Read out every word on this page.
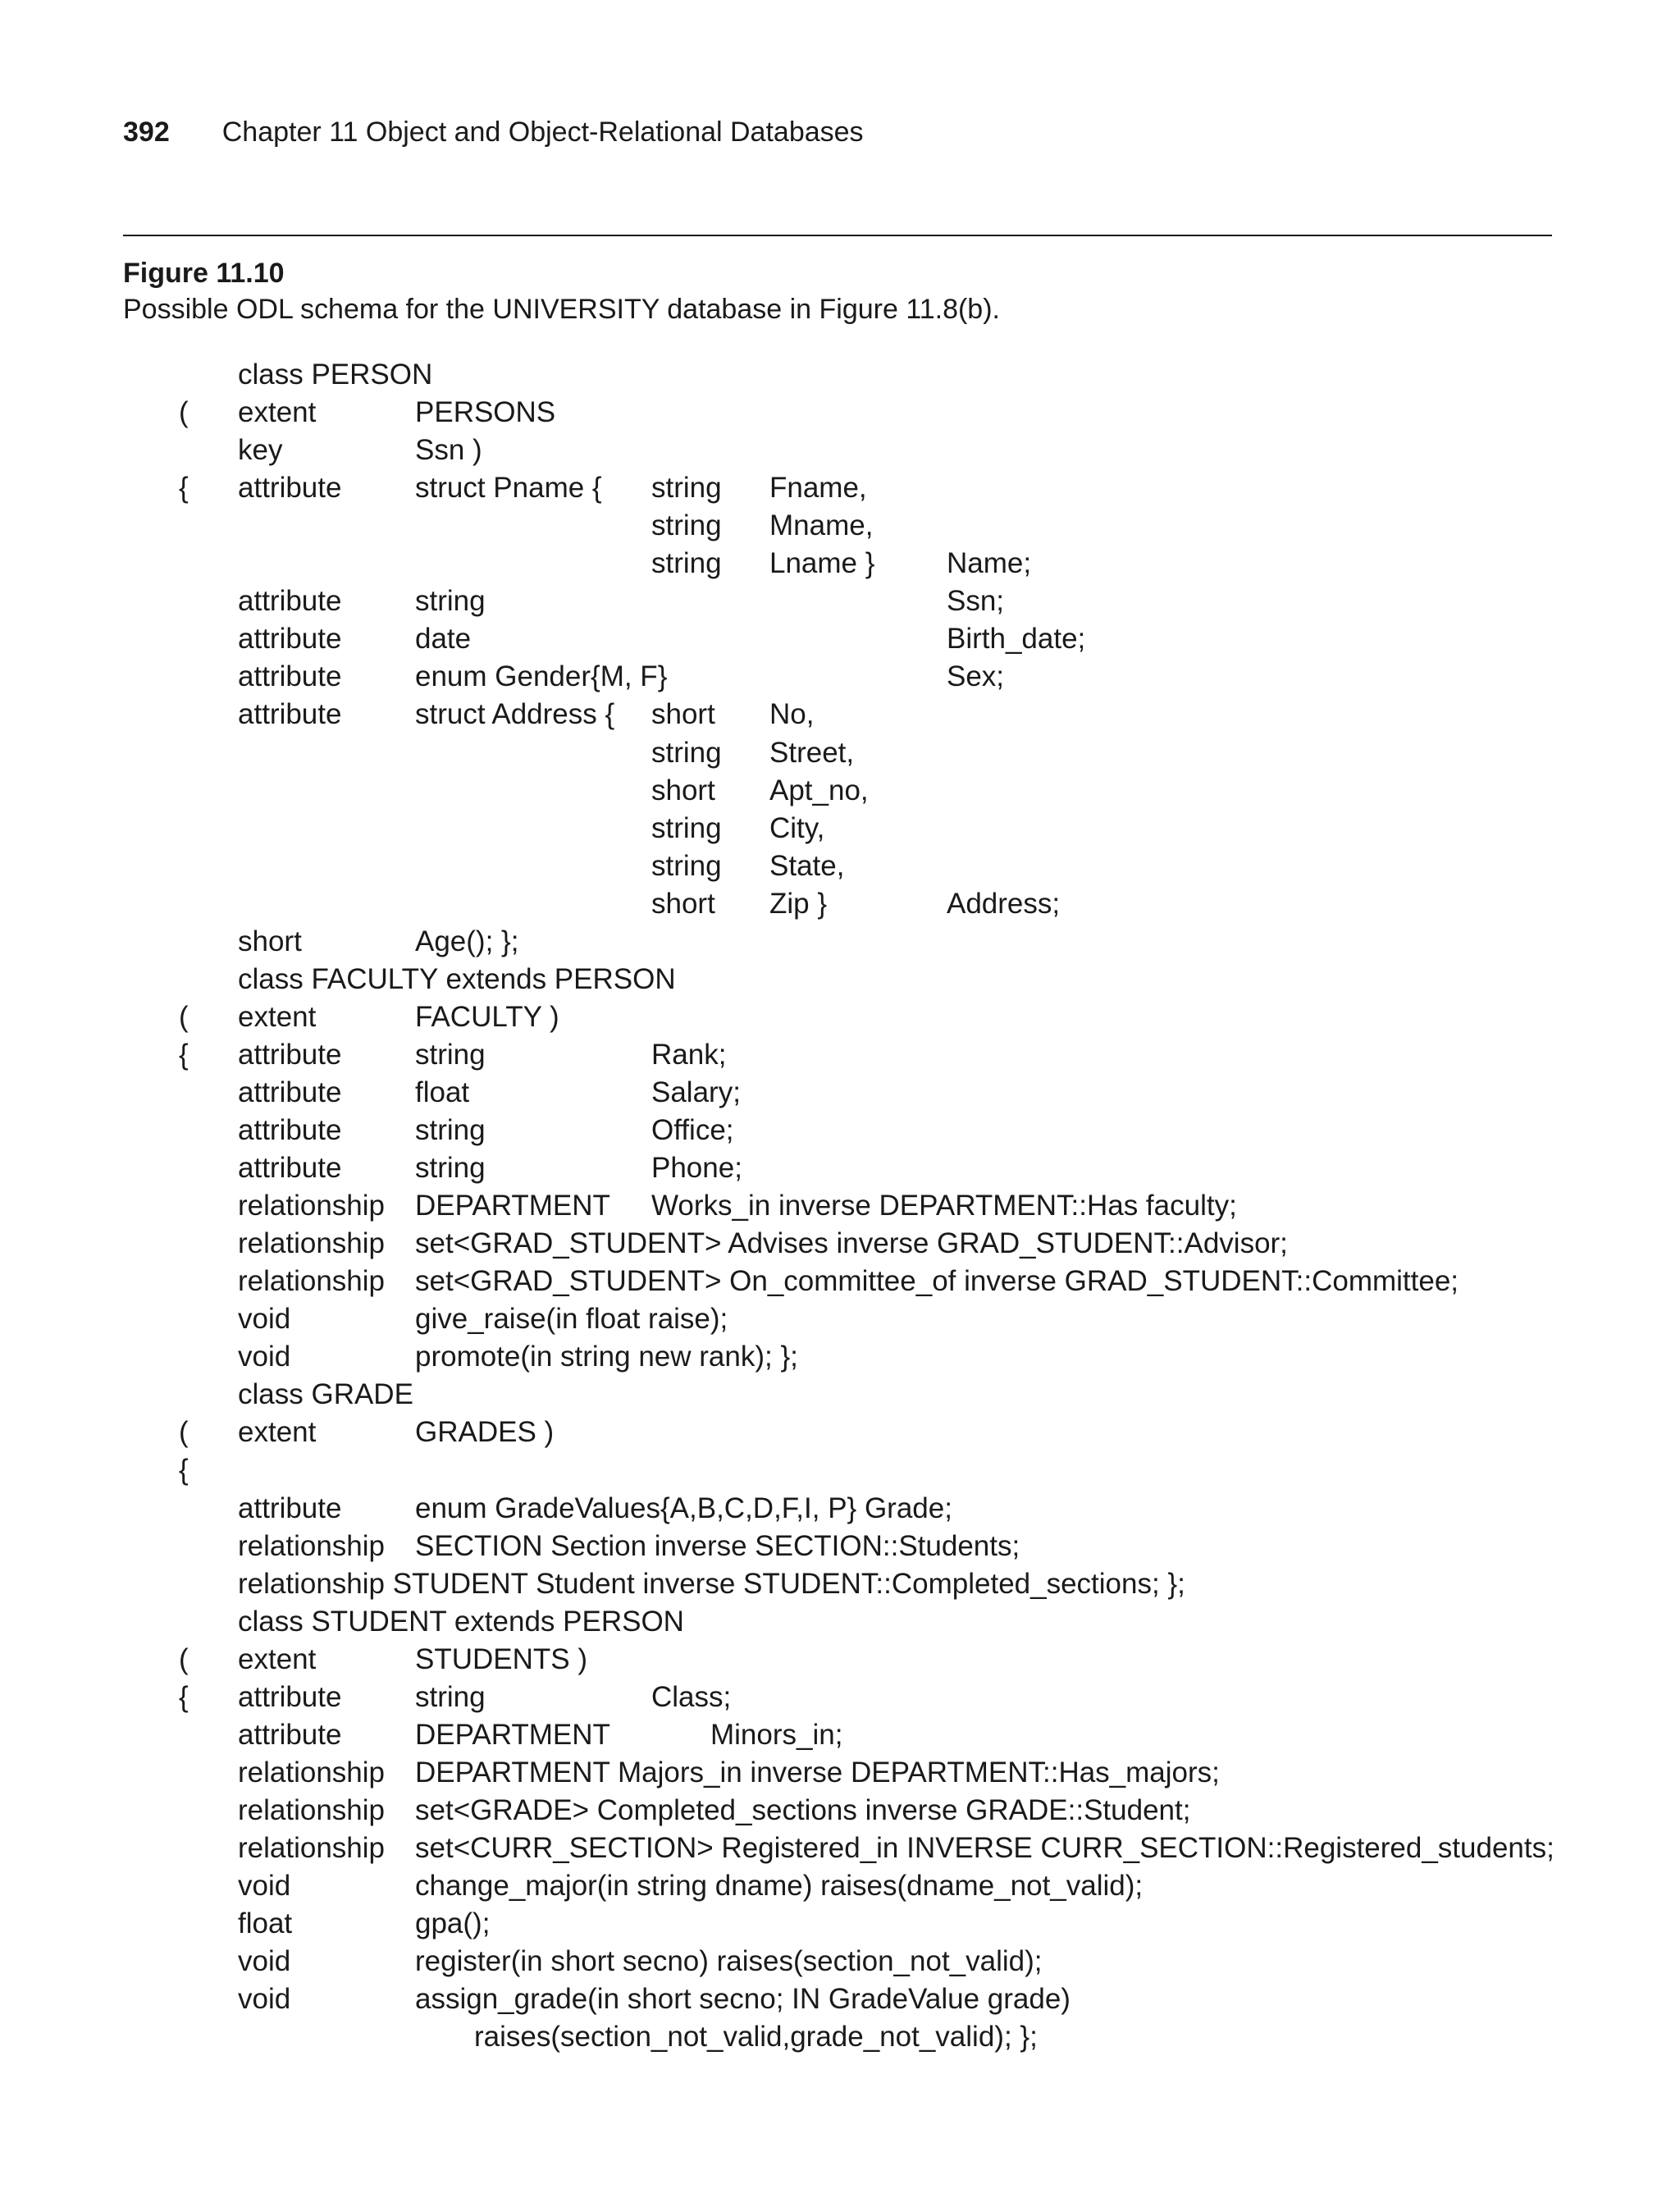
392 Chapter 11 Object and Object-Relational Databases
Figure 11.10
Possible ODL schema for the UNIVERSITY database in Figure 11.8(b).
class PERSON
( extent	PERSONS
key	Ssn )
{ attribute	struct Pname { string Fname,
string Mname,
string Lname }	Name;
attribute	string	Ssn;
attribute	date	Birth_date;
attribute	enum Gender{M, F}	Sex;
attribute	struct Address { short No,
string Street,
short Apt_no,
string City,
string State,
short Zip }	Address;
short	Age(); };
class FACULTY extends PERSON
( extent	FACULTY )
{ attribute	string	Rank;
attribute	float	Salary;
attribute	string	Office;
attribute	string	Phone;
relationship DEPARTMENT Works_in inverse DEPARTMENT::Has faculty;
relationship set<GRAD_STUDENT> Advises inverse GRAD_STUDENT::Advisor;
relationship set<GRAD_STUDENT> On_committee_of inverse GRAD_STUDENT::Committee;
void	give_raise(in float raise);
void	promote(in string new rank); };
class GRADE
( extent	GRADES )
{
attribute	enum GradeValues{A,B,C,D,F,I, P} Grade;
relationship SECTION Section inverse SECTION::Students;
relationship STUDENT Student inverse STUDENT::Completed_sections; };
class STUDENT extends PERSON
( extent	STUDENTS )
{ attribute	string	Class;
attribute	DEPARTMENT	Minors_in;
relationship DEPARTMENT Majors_in inverse DEPARTMENT::Has_majors;
relationship set<GRADE> Completed_sections inverse GRADE::Student;
relationship set<CURR_SECTION> Registered_in INVERSE CURR_SECTION::Registered_students;
void	change_major(in string dname) raises(dname_not_valid);
float	gpa();
void	register(in short secno) raises(section_not_valid);
void	assign_grade(in short secno; IN GradeValue grade)
raises(section_not_valid,grade_not_valid); };
